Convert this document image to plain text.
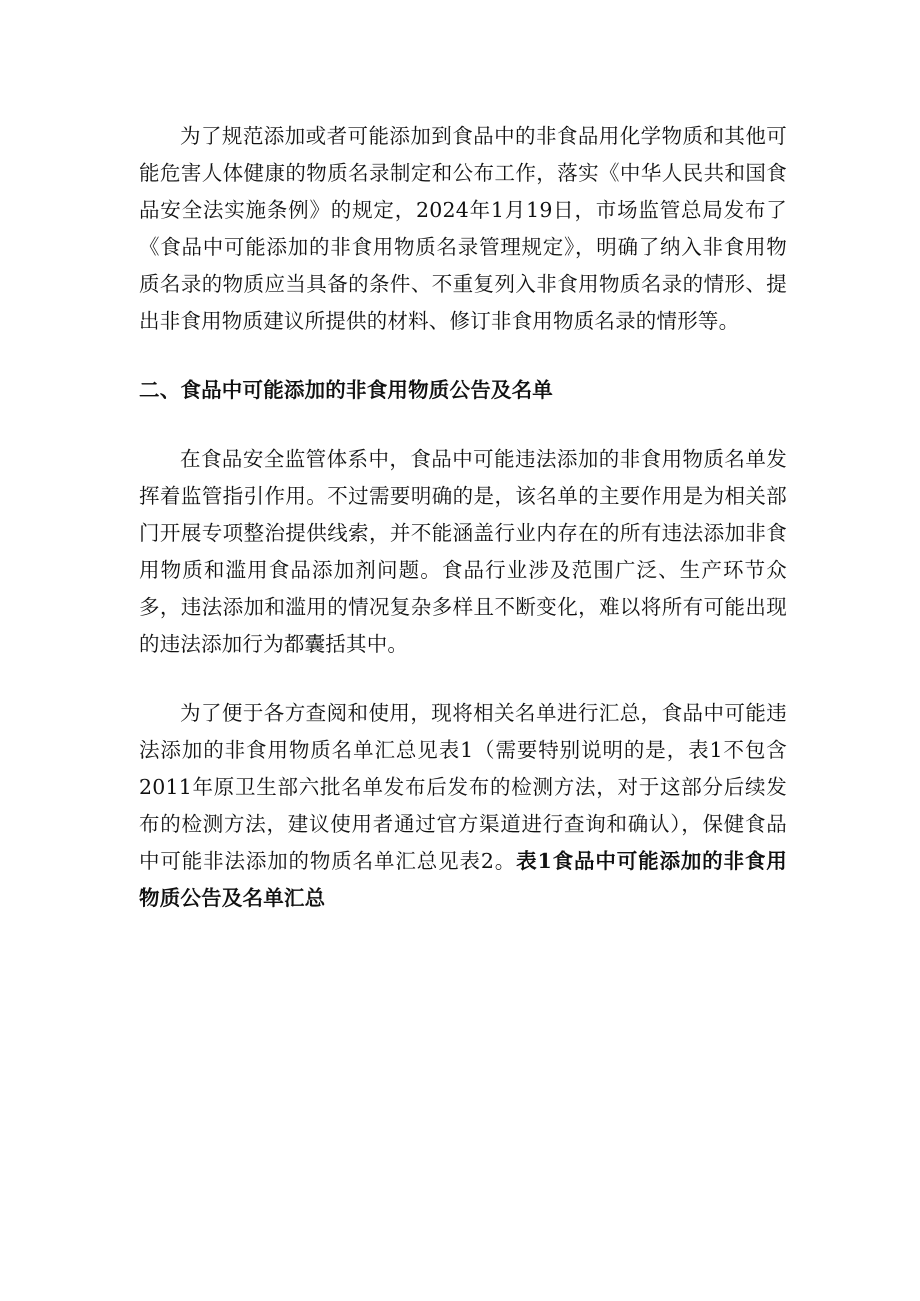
为了规范添加或者可能添加到食品中的非食品用化学物质和其他可能危害人体健康的物质名录制定和公布工作，落实《中华人民共和国食品安全法实施条例》的规定，2024年1月19日，市场监管总局发布了《食品中可能添加的非食用物质名录管理规定》，明确了纳入非食用物质名录的物质应当具备的条件、不重复列入非食用物质名录的情形、提出非食用物质建议所提供的材料、修订非食用物质名录的情形等。

二、食品中可能添加的非食用物质公告及名单

在食品安全监管体系中，食品中可能违法添加的非食用物质名单发挥着监管指引作用。不过需要明确的是，该名单的主要作用是为相关部门开展专项整治提供线索，并不能涵盖行业内存在的所有违法添加非食用物质和滥用食品添加剂问题。食品行业涉及范围广泛、生产环节众多，违法添加和滥用的情况复杂多样且不断变化，难以将所有可能出现的违法添加行为都囊括其中。

为了便于各方查阅和使用，现将相关名单进行汇总，食品中可能违法添加的非食用物质名单汇总见表1（需要特别说明的是，表1不包含2011年原卫生部六批名单发布后发布的检测方法，对于这部分后续发布的检测方法，建议使用者通过官方渠道进行查询和确认），保健食品中可能非法添加的物质名单汇总见表2。表1食品中可能添加的非食用物质公告及名单汇总
